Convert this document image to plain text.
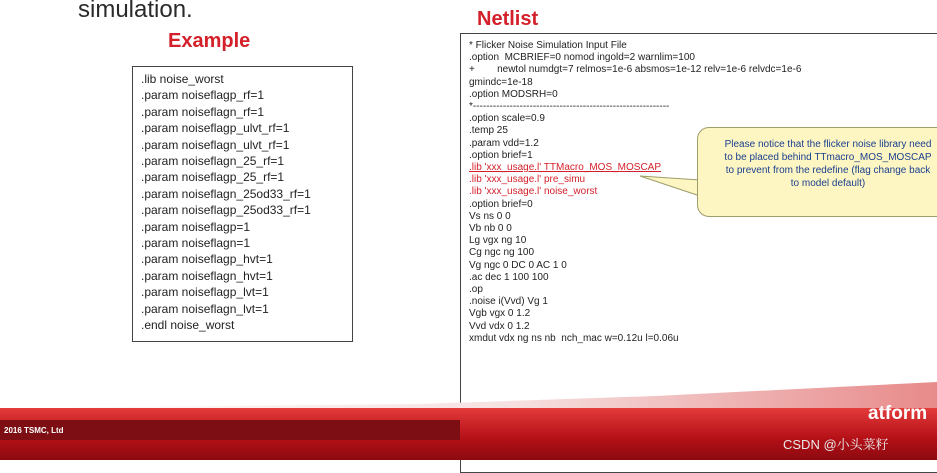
simulation.
Example
Netlist
.lib noise_worst
.param noiseflagp_rf=1
.param noiseflagn_rf=1
.param noiseflagp_ulvt_rf=1
.param noiseflagn_ulvt_rf=1
.param noiseflagn_25_rf=1
.param noiseflagp_25_rf=1
.param noiseflagn_25od33_rf=1
.param noiseflagp_25od33_rf=1
.param noiseflagp=1
.param noiseflagn=1
.param noiseflagp_hvt=1
.param noiseflagn_hvt=1
.param noiseflagp_lvt=1
.param noiseflagn_lvt=1
.endl noise_worst
* Flicker Noise Simulation Input File
.option  MCBRIEF=0 nomod ingold=2 warnlim=100
+        newtol numdgt=7 relmos=1e-6 absmos=1e-12 relv=1e-6 relvdc=1e-6
gmindc=1e-18
.option MODSRH=0
*-----------------------------------------------------------
.option scale=0.9
.temp 25
.param vdd=1.2
.option brief=1
.lib 'xxx_usage.l' TTMacro_MOS_MOSCAP
.lib 'xxx_usage.l' pre_simu
.lib 'xxx_usage.l' noise_worst
.option brief=0
Vs ns 0 0
Vb nb 0 0
Lg vgx ng 10
Cg ngc ng 100
Vg ngc 0 DC 0 AC 1 0
.ac dec 1 100 100
.op
.noise i(Vvd) Vg 1
Vgb vgx 0 1.2
Vvd vdx 0 1.2
xmdut vdx ng ns nb  nch_mac w=0.12u l=0.06u
Please notice that the flicker noise library need
to be placed behind TTmacro_MOS_MOSCAP
to prevent from the redefine (flag change back
to model default)
2016 TSMC, Ltd
atform
CSDN @小头菜籽
